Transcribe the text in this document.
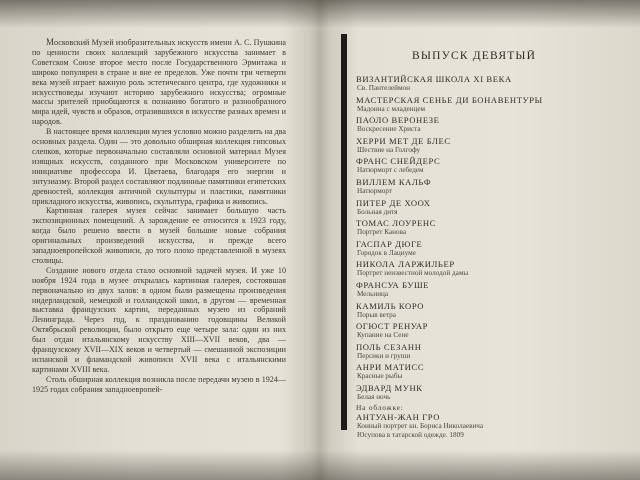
Московский Музей изобразительных искусств имени А. С. Пушкина по ценности своих коллекций зарубежного искусства занимает в Советском Союзе второе место после Государственного Эрмитажа и широко популярен в стране и вне ее пределов. Уже почти три четверти века музей играет важную роль эстетического центра, где художники и искусствоведы изучают историю зарубежного искусства; огромные массы зрителей приобщаются к познанию богатого и разнообразного мира идей, чувств и образов, отразившихся в искусстве разных времен и народов.

В настоящее время коллекции музея условно можно разделить на два основных раздела. Один — это довольно обширная коллекция гипсовых слепков, которые первоначально составляли основной материал Музея изящных искусств, созданного при Московском университете по инициативе профессора И. Цветаева, благодаря его энергии и энтузиазму. Второй раздел составляют подлинные памятники египетских древностей, коллекция античной скульптуры и пластики, памятники прикладного искусства, живопись, скульптура, графика и живопись.

Картинная галерея музея сейчас занимает большую часть экспозиционных помещений. А зарождение ее относится к 1923 году, когда было решено ввести в музей большие новые собрания оригинальных произведений искусства, и прежде всего западноевропейской живописи, до того плохо представленной в музеях столицы.

Создание нового отдела стало основной задачей музея. И уже 10 ноября 1924 года в музее открылась картинная галерея, состоявшая первоначально из двух залов: в одном были размещены произведения нидерландской, немецкой и голландской школ, в другом — временная выставка французских картин, переданных музею из собраний Ленинграда. Через год, к празднованию годовщины Великой Октябрьской революции, было открыто еще четыре зала: один из них был отдан итальянскому искусству XIII—XVII веков, два — французскому XVII—XIX веков и четвертый — смешанной экспозиции испанской и фламандской живописи XVII века с итальянскими картинами XVIII века.

Столь обширная коллекция возникла после передачи музею в 1924—1925 годах собрания западноевропей-

ВЫПУСК ДЕВЯТЫЙ
ВИЗАНТИЙСКАЯ ШКОЛА XI ВЕКА
Св. Пантелеймон
МАСТЕРСКАЯ СЕНЬЕ ДИ БОНАВЕНТУРЫ
Мадонна с младенцем
ПАОЛО ВЕРОНЕЗЕ
Воскресение Христа
ХЕРРИ МЕТ ДЕ БЛЕС
Шествие на Голгофу
ФРАНС СНЕЙДЕРС
Натюрморт с лебедем
ВИЛЛЕМ КАЛЬФ
Натюрморт
ПИТЕР ДЕ ХООХ
Больная дитя
ТОМАС ЛОУРЕНС
Портрет Канова
ГАСПАР ДЮГЕ
Городок в Лациуме
НИКОЛА ЛАРЖИЛЬЕР
Портрет неизвестной молодой дамы
ФРАНСУА БУШЕ
Мельница
КАМИЛЬ КОРО
Порыв ветра
ОГЮСТ РЕНУАР
Купание на Сене
ПОЛЬ СЕЗАНН
Персики и груши
АНРИ МАТИСС
Красные рыбы
ЭДВАРД МУНК
Белая ночь
На обложке:
АНТУАН-ЖАН ГРО
Конный портрет кн. Бориса Николаевича
Юсупова в татарской одежде. 1809
